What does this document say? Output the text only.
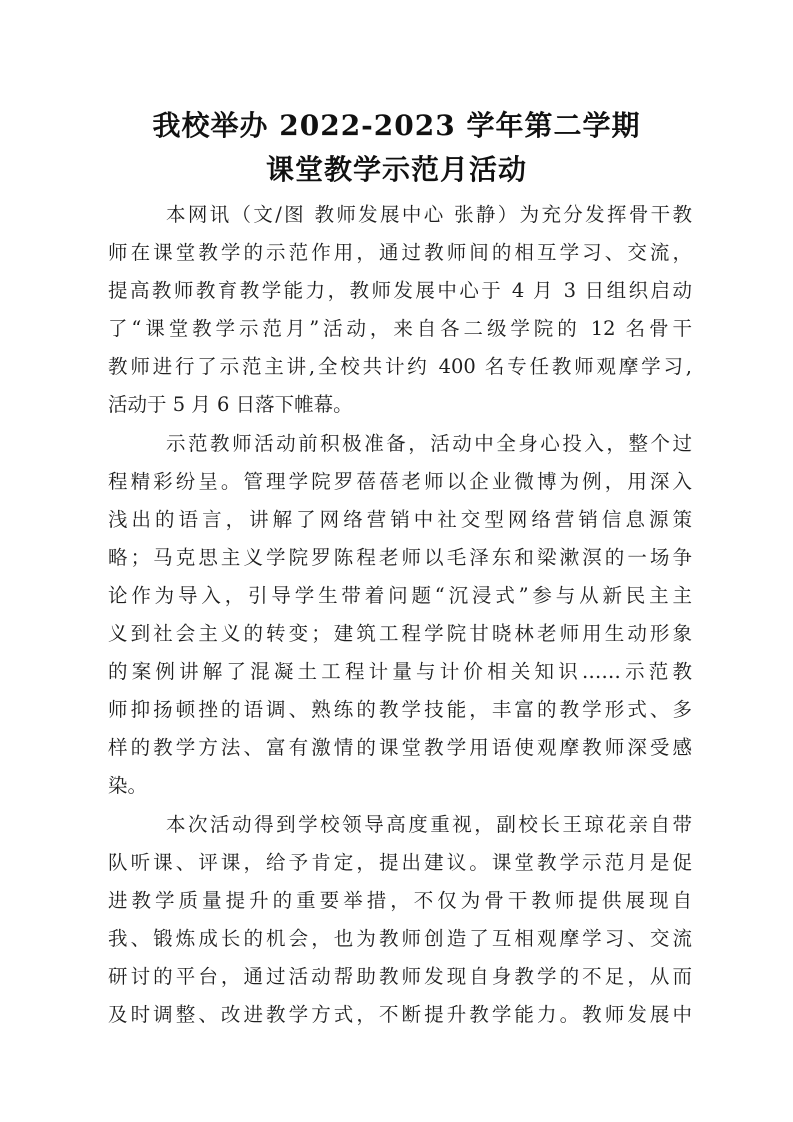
我校举办 2022-2023 学年第二学期
课堂教学示范月活动
本网讯（文/图 教师发展中心 张静）为充分发挥骨干教
师在课堂教学的示范作用，通过教师间的相互学习、交流，
提高教师教育教学能力，教师发展中心于 4 月 3 日组织启动
了“课堂教学示范月”活动，来自各二级学院的 12 名骨干
教师进行了示范主讲,全校共计约 400 名专任教师观摩学习,
活动于 5 月 6 日落下帷幕。
示范教师活动前积极准备，活动中全身心投入，整个过
程精彩纷呈。管理学院罗蓓蓓老师以企业微博为例，用深入
浅出的语言，讲解了网络营销中社交型网络营销信息源策
略；马克思主义学院罗陈程老师以毛泽东和梁漱溟的一场争
论作为导入，引导学生带着问题“沉浸式”参与从新民主主
义到社会主义的转变；建筑工程学院甘晓林老师用生动形象
的案例讲解了混凝土工程计量与计价相关知识……示范教
师抑扬顿挫的语调、熟练的教学技能，丰富的教学形式、多
样的教学方法、富有激情的课堂教学用语使观摩教师深受感
染。
本次活动得到学校领导高度重视，副校长王琼花亲自带
队听课、评课，给予肯定，提出建议。课堂教学示范月是促
进教学质量提升的重要举措，不仅为骨干教师提供展现自
我、锻炼成长的机会，也为教师创造了互相观摩学习、交流
研讨的平台，通过活动帮助教师发现自身教学的不足，从而
及时调整、改进教学方式，不断提升教学能力。教师发展中
